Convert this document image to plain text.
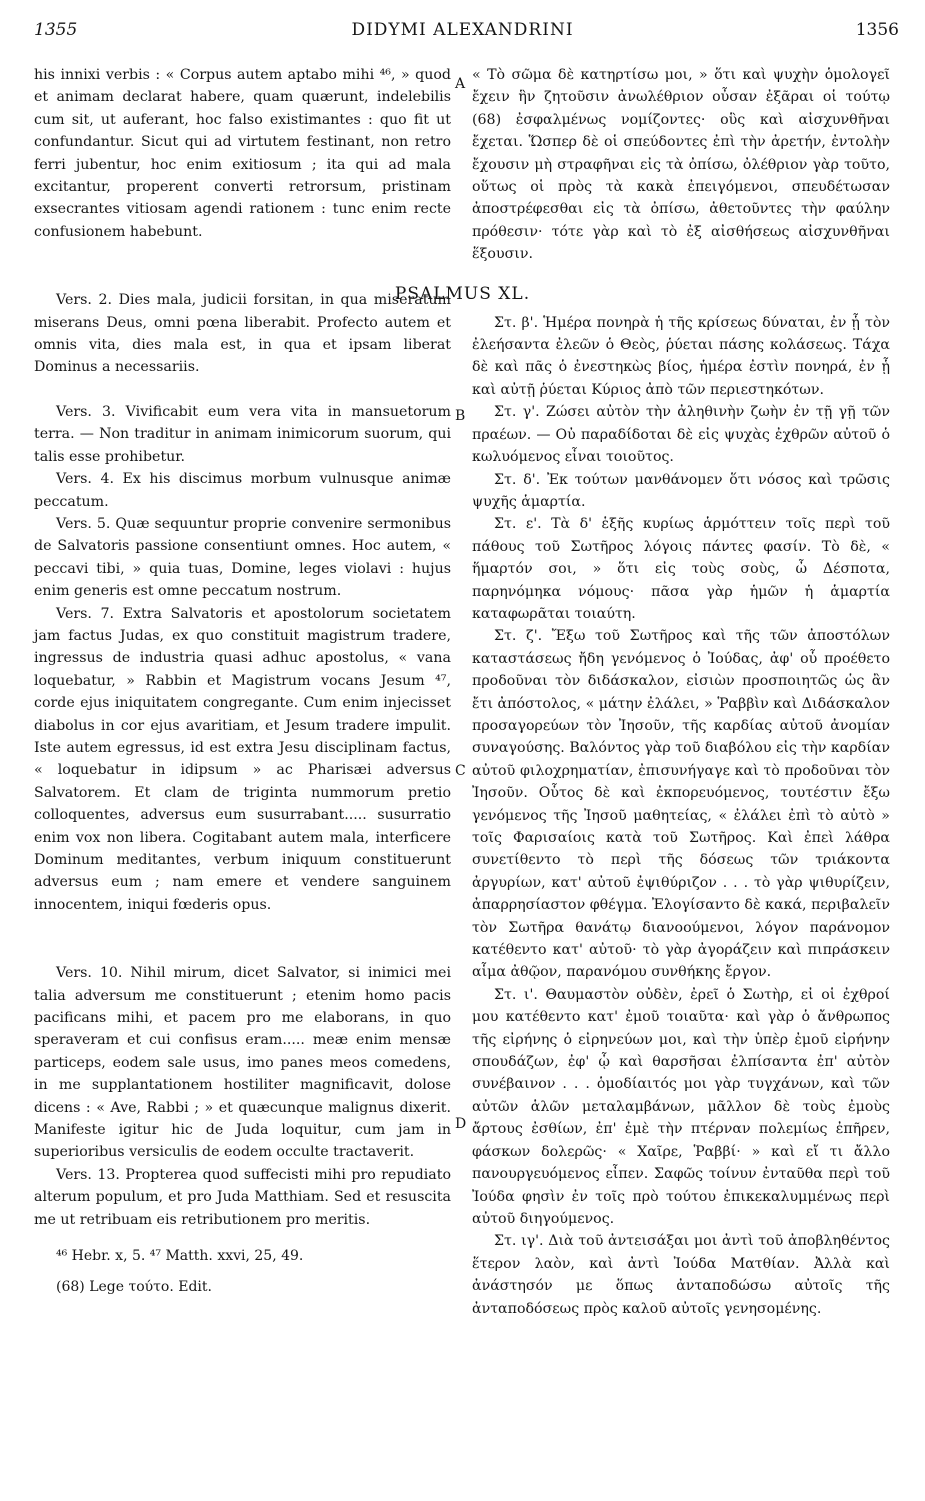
1355	DIDYMI ALEXANDRINI	1356
PSALMUS XL.
A
B
C
D

his innixi verbis : « Corpus autem aptabo mihi ⁴⁶, » quod et animam declarat habere, quam quærunt, indelebilis cum sit, ut auferant, hoc falso existimantes : quo fit ut confundantur. Sicut qui ad virtutem festinant, non retro ferri jubentur, hoc enim exitiosum ; ita qui ad mala excitantur, properent converti retrorsum, pristinam exsecrantes vitiosam agendi rationem : tunc enim recte confusionem habebunt.

Vers. 2. Dies mala, judicii forsitan, in qua miseratum miserans Deus, omni pœna liberabit. Profecto autem et omnis vita, dies mala est, in qua et ipsam liberat Dominus a necessariis.

Vers. 3. Vivificabit eum vera vita in mansuetorum terra. — Non traditur in animam inimicorum suorum, qui talis esse prohibetur.

Vers. 4. Ex his discimus morbum vulnusque animæ peccatum.

Vers. 5. Quæ sequuntur proprie convenire sermonibus de Salvatoris passione consentiunt omnes. Hoc autem, « peccavi tibi, » quia tuas, Domine, leges violavi : hujus enim generis est omne peccatum nostrum.

Vers. 7. Extra Salvatoris et apostolorum societatem jam factus Judas, ex quo constituit magistrum tradere, ingressus de industria quasi adhuc apostolus, « vana loquebatur, » Rabbin et Magistrum vocans Jesum ⁴⁷, corde ejus iniquitatem congregante. Cum enim injecisset diabolus in cor ejus avaritiam, et Jesum tradere impulit. Iste autem egressus, id est extra Jesu disciplinam factus, « loquebatur in idipsum » ac Pharisæi adversus Salvatorem. Et clam de triginta nummorum pretio colloquentes, adversus eum susurrabant..... susurratio enim vox non libera. Cogitabant autem mala, interficere Dominum meditantes, verbum iniquum constituerunt adversus eum ; nam emere et vendere sanguinem innocentem, iniqui fœderis opus.

Vers. 10. Nihil mirum, dicet Salvator, si inimici mei talia adversum me constituerunt ; etenim homo pacis pacificans mihi, et pacem pro me elaborans, in quo speraveram et cui confisus eram..... meæ enim mensæ particeps, eodem sale usus, imo panes meos comedens, in me supplantationem hostiliter magnificavit, dolose dicens : « Ave, Rabbi ; » et quæcunque malignus dixerit. Manifeste igitur hic de Juda loquitur, cum jam in superioribus versiculis de eodem occulte tractaverit.

Vers. 13. Propterea quod suffecisti mihi pro repudiato alterum populum, et pro Juda Matthiam. Sed et resuscita me ut retribuam eis retributionem pro meritis.

⁴⁶ Hebr. x, 5. ⁴⁷ Matth. xxvi, 25, 49.

(68) Lege τούτο. Edit.

« Τὸ σῶμα δὲ κατηρτίσω μοι, » ὅτι καὶ ψυχὴν ὁμολογεῖ ἔχειν ἣν ζητοῦσιν ἀνωλέθριον οὖσαν ἐξᾶραι οἱ τούτῳ (68) ἐσφαλμένως νομίζοντες· οὓς καὶ αἰσχυνθῆναι ἔχεται. Ὥσπερ δὲ οἱ σπεύδοντες ἐπὶ τὴν ἀρετήν, ἐντολὴν ἔχουσιν μὴ στραφῆναι εἰς τὰ ὀπίσω, ὀλέθριον γὰρ τοῦτο, οὕτως οἱ πρὸς τὰ κακὰ ἐπειγόμενοι, σπευδέτωσαν ἀποστρέφεσθαι εἰς τὰ ὀπίσω, ἀθετοῦντες τὴν φαύλην πρόθεσιν· τότε γὰρ καὶ τὸ ἐξ αἰσθήσεως αἰσχυνθῆναι ἕξουσιν.

Στ. β'. Ἡμέρα πονηρὰ ἡ τῆς κρίσεως δύναται, ἐν ᾗ τὸν ἐλεήσαντα ἐλεῶν ὁ Θεὸς, ῥύεται πάσης κολάσεως. Τάχα δὲ καὶ πᾶς ὁ ἐνεστηκὼς βίος, ἡμέρα ἐστὶν πονηρά, ἐν ᾗ καὶ αὐτῇ ῥύεται Κύριος ἀπὸ τῶν περιεστηκότων.

Στ. γ'. Ζώσει αὐτὸν τὴν ἀληθινὴν ζωὴν ἐν τῇ γῇ τῶν πραέων. — Οὐ παραδίδοται δὲ εἰς ψυχὰς ἐχθρῶν αὐτοῦ ὁ κωλυόμενος εἶναι τοιοῦτος.

Στ. δ'. Ἐκ τούτων μανθάνομεν ὅτι νόσος καὶ τρῶσις ψυχῆς ἁμαρτία.

Στ. ε'. Τὰ δ' ἑξῆς κυρίως ἁρμόττειν τοῖς περὶ τοῦ πάθους τοῦ Σωτῆρος λόγοις πάντες φασίν. Τὸ δὲ, « ἥμαρτόν σοι, » ὅτι εἰς τοὺς σοὺς, ὦ Δέσποτα, παρηνόμηκα νόμους· πᾶσα γὰρ ἡμῶν ἡ ἁμαρτία καταφωρᾶται τοιαύτη.

Στ. ζ'. Ἔξω τοῦ Σωτῆρος καὶ τῆς τῶν ἀποστόλων καταστάσεως ἤδη γενόμενος ὁ Ἰούδας, ἀφ' οὗ προέθετο προδοῦναι τὸν διδάσκαλον, εἰσιὼν προσποιητῶς ὡς ἂν ἔτι ἀπόστολος, « μάτην ἐλάλει, » Ῥαββὶν καὶ Διδάσκαλον προσαγορεύων τὸν Ἰησοῦν, τῆς καρδίας αὐτοῦ ἀνομίαν συναγούσης. Βαλόντος γὰρ τοῦ διαβόλου εἰς τὴν καρδίαν αὐτοῦ φιλοχρηματίαν, ἐπισυνήγαγε καὶ τὸ προδοῦναι τὸν Ἰησοῦν. Οὗτος δὲ καὶ ἐκπορευόμενος, τουτέστιν ἔξω γενόμενος τῆς Ἰησοῦ μαθητείας, « ἐλάλει ἐπὶ τὸ αὐτὸ » τοῖς Φαρισαίοις κατὰ τοῦ Σωτῆρος. Καὶ ἐπεὶ λάθρα συνετίθεντο τὸ περὶ τῆς δόσεως τῶν τριάκοντα ἀργυρίων, κατ' αὐτοῦ ἐψιθύριζον . . . τὸ γὰρ ψιθυρίζειν, ἀπαρρησίαστον φθέγμα. Ἐλογίσαντο δὲ κακά, περιβαλεῖν τὸν Σωτῆρα θανάτῳ διανοούμενοι, λόγον παράνομον κατέθεντο κατ' αὐτοῦ· τὸ γὰρ ἀγοράζειν καὶ πιπράσκειν αἷμα ἀθῷον, παρανόμου συνθήκης ἔργον.

Στ. ι'. Θαυμαστὸν οὐδὲν, ἐρεῖ ὁ Σωτὴρ, εἰ οἱ ἐχθροί μου κατέθεντο κατ' ἐμοῦ τοιαῦτα· καὶ γὰρ ὁ ἄνθρωπος τῆς εἰρήνης ὁ εἰρηνεύων μοι, καὶ τὴν ὑπὲρ ἐμοῦ εἰρήνην σπουδάζων, ἐφ' ᾧ καὶ θαρσῆσαι ἐλπίσαντα ἐπ' αὐτὸν συνέβαινον . . . ὁμοδίαιτός μοι γὰρ τυγχάνων, καὶ τῶν αὐτῶν ἁλῶν μεταλαμβάνων, μᾶλλον δὲ τοὺς ἐμοὺς ἄρτους ἐσθίων, ἐπ' ἐμὲ τὴν πτέρναν πολεμίως ἐπῆρεν, φάσκων δολερῶς· « Χαῖρε, Ῥαββί· » καὶ εἴ τι ἄλλο πανουργευόμενος εἶπεν. Σαφῶς τοίνυν ἐνταῦθα περὶ τοῦ Ἰούδα φησὶν ἐν τοῖς πρὸ τούτου ἐπικεκαλυμμένως περὶ αὐτοῦ διηγούμενος.

Στ. ιγ'. Διὰ τοῦ ἀντεισάξαι μοι ἀντὶ τοῦ ἀποβληθέντος ἕτερον λαὸν, καὶ ἀντὶ Ἰούδα Ματθίαν. Ἀλλὰ καὶ ἀνάστησόν με ὅπως ἀνταποδώσω αὐτοῖς τῆς ἀνταποδόσεως πρὸς καλοῦ αὐτοῖς γενησομένης.
